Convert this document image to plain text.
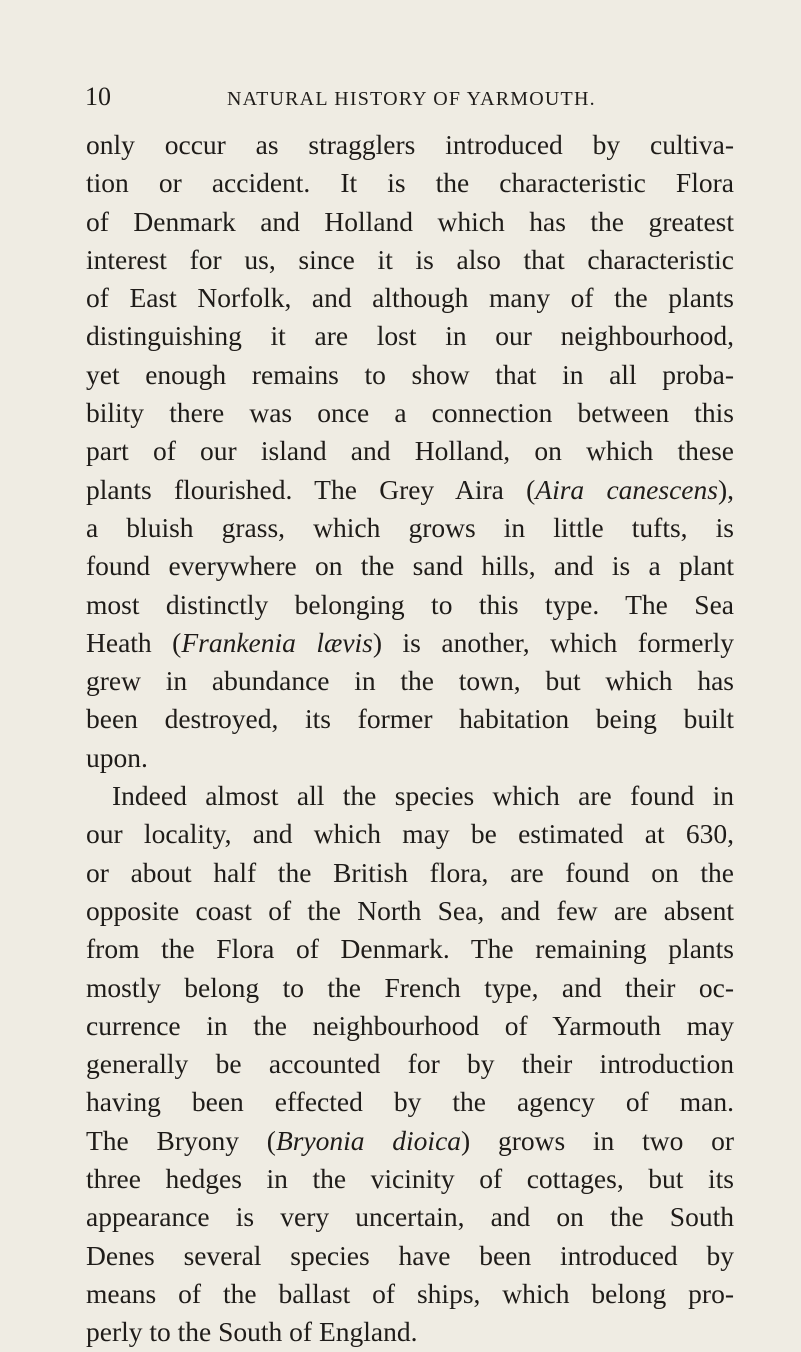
10	NATURAL HISTORY OF YARMOUTH.
only occur as stragglers introduced by cultiva-
tion or accident. It is the characteristic Flora
of Denmark and Holland which has the greatest
interest for us, since it is also that characteristic
of East Norfolk, and although many of the plants
distinguishing it are lost in our neighbourhood,
yet enough remains to show that in all proba-
bility there was once a connection between this
part of our island and Holland, on which these
plants flourished. The Grey Aira (Aira canescens),
a bluish grass, which grows in little tufts, is
found everywhere on the sand hills, and is a plant
most distinctly belonging to this type. The Sea
Heath (Frankenia lævis) is another, which formerly
grew in abundance in the town, but which has
been destroyed, its former habitation being built
upon.
Indeed almost all the species which are found in
our locality, and which may be estimated at 630,
or about half the British flora, are found on the
opposite coast of the North Sea, and few are absent
from the Flora of Denmark. The remaining plants
mostly belong to the French type, and their oc-
currence in the neighbourhood of Yarmouth may
generally be accounted for by their introduction
having been effected by the agency of man.
The Bryony (Bryonia dioica) grows in two or
three hedges in the vicinity of cottages, but its
appearance is very uncertain, and on the South
Denes several species have been introduced by
means of the ballast of ships, which belong pro-
perly to the South of England.
